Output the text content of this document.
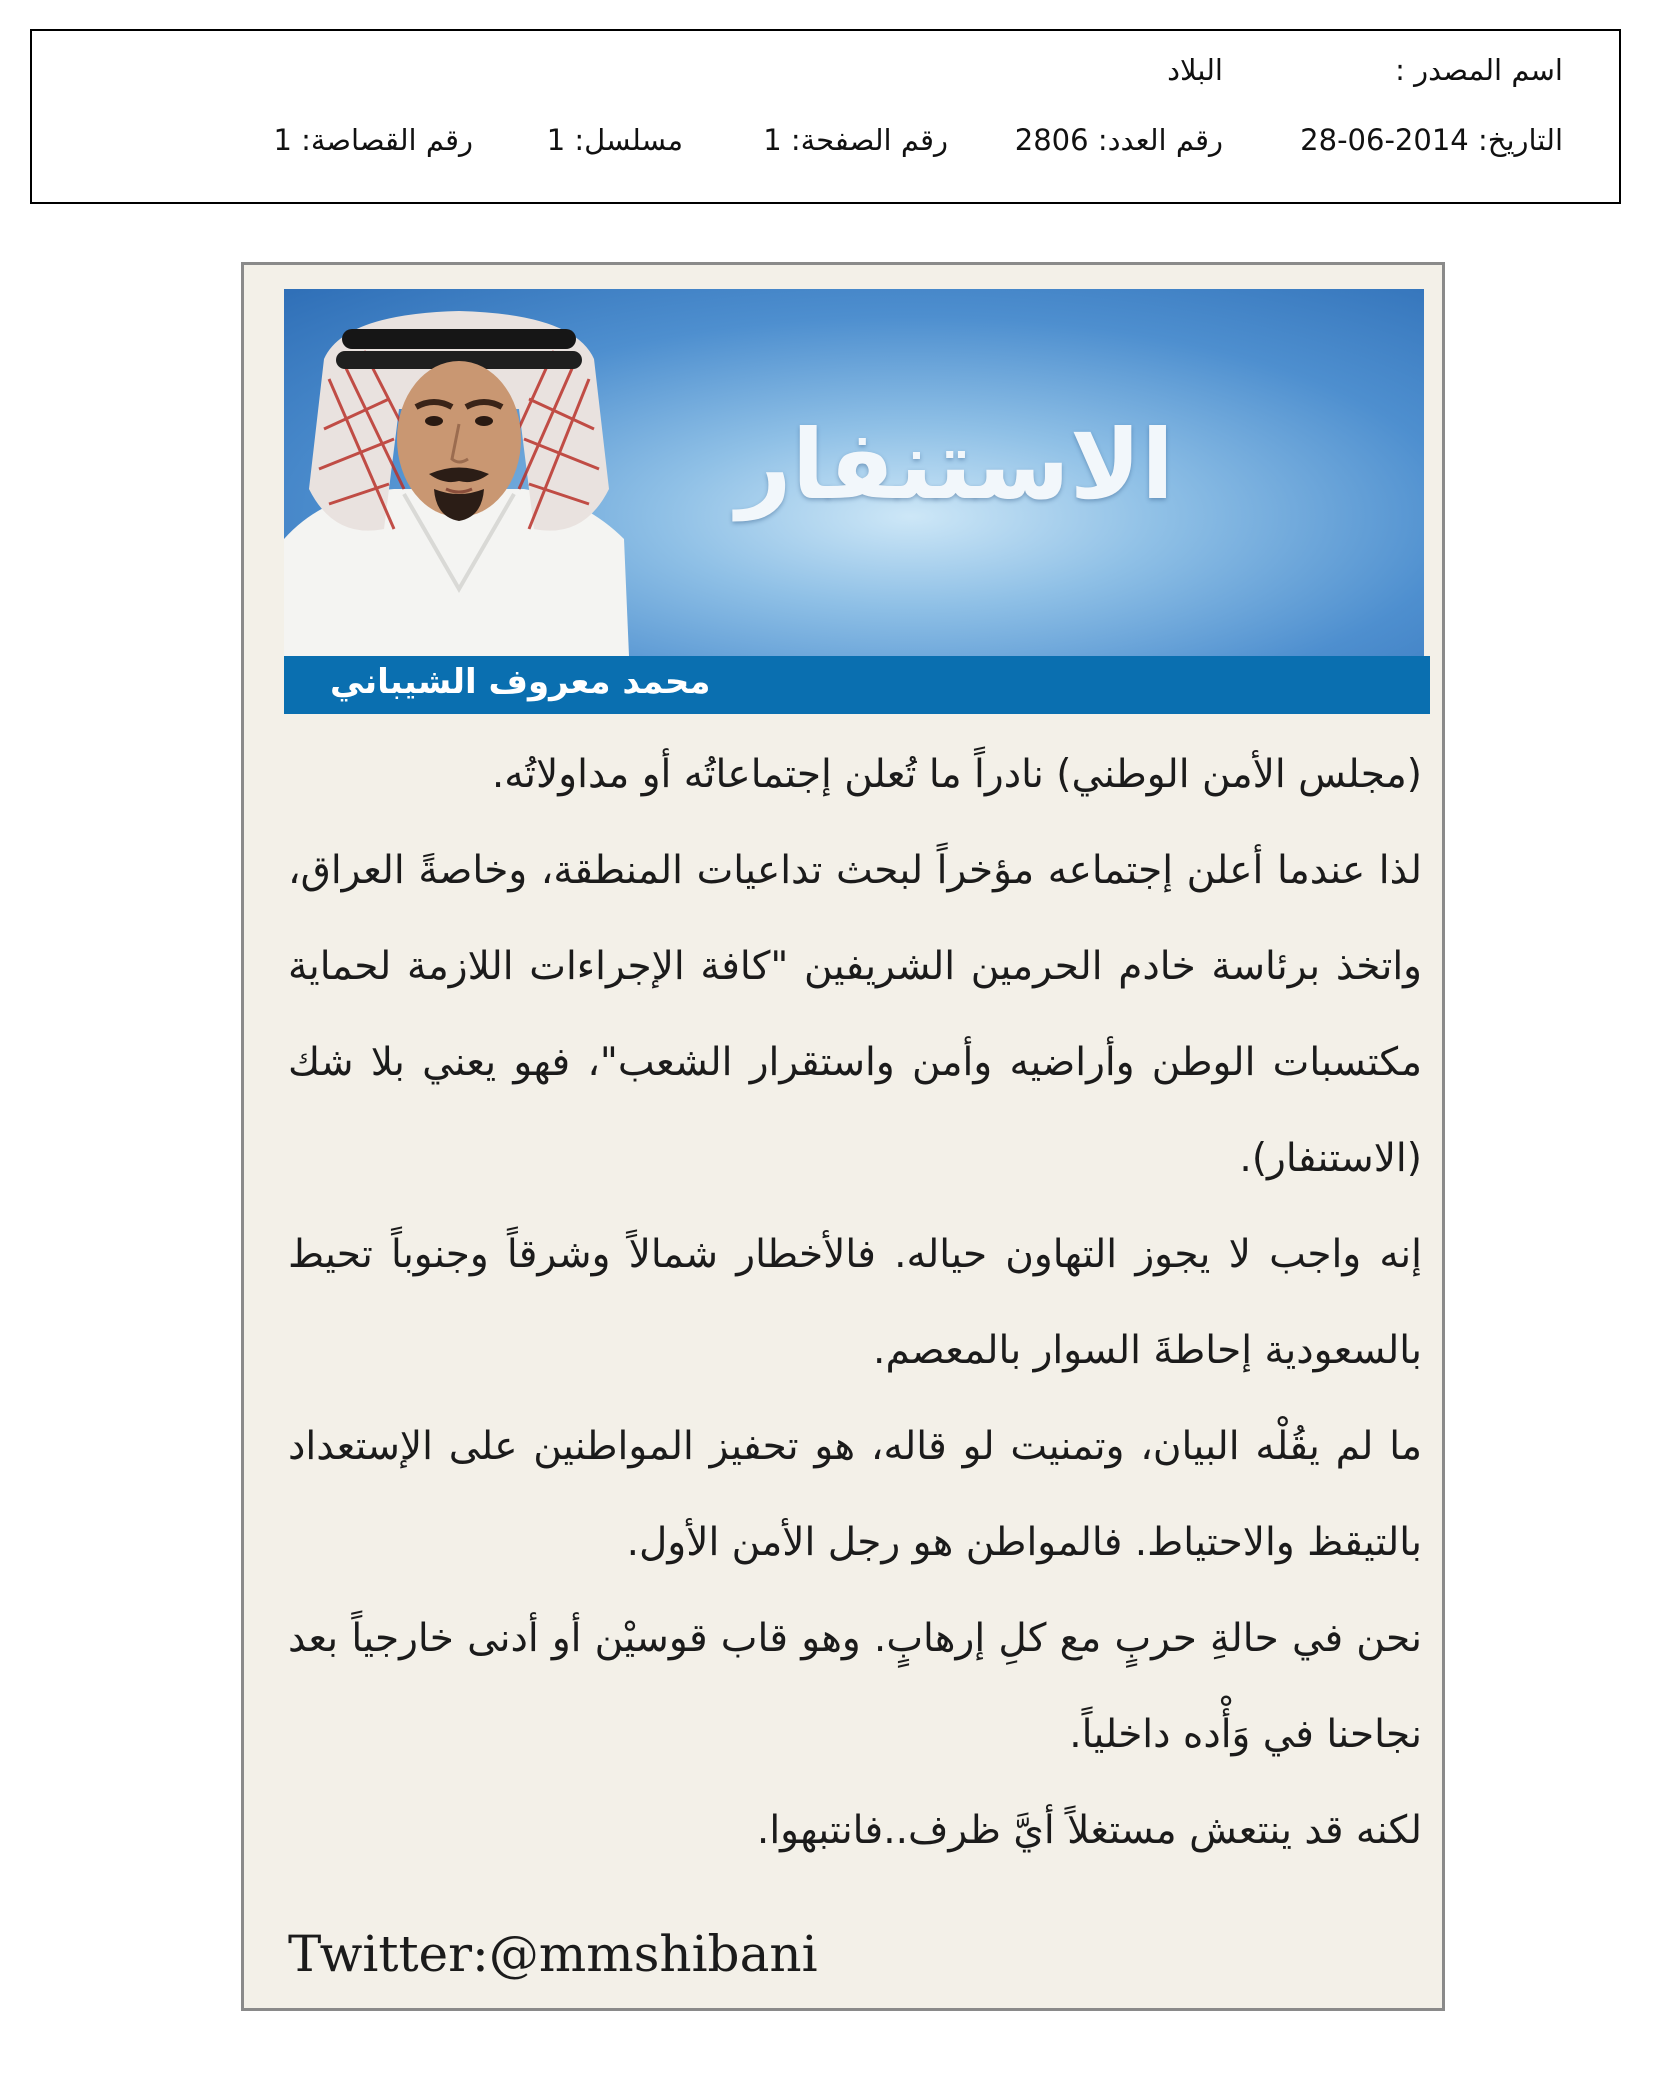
اسم المصدر :
البلاد
التاريخ: 2014-06-28
رقم العدد: 2806
رقم الصفحة: 1
مسلسل: 1
رقم القصاصة: 1
الاستنفار
محمد معروف الشيباني

(مجلس الأمن الوطني) نادراً ما تُعلن إجتماعاتُه أو مداولاتُه.

لذا عندما أعلن إجتماعه مؤخراً لبحث تداعيات المنطقة، وخاصةً العراق، واتخذ برئاسة خادم الحرمين الشريفين "كافة الإجراءات اللازمة لحماية مكتسبات الوطن وأراضيه وأمن واستقرار الشعب"، فهو يعني بلا شك (الاستنفار).

إنه واجب لا يجوز التهاون حياله. فالأخطار شمالاً وشرقاً وجنوباً تحيط بالسعودية إحاطةَ السوار بالمعصم.

ما لم يقُلْه البيان، وتمنيت لو قاله، هو تحفيز المواطنين على الإستعداد بالتيقظ والاحتياط. فالمواطن هو رجل الأمن الأول.

نحن في حالةِ حربٍ مع كلِ إرهابٍ. وهو قاب قوسيْن أو أدنى خارجياً بعد نجاحنا في وَأْده داخلياً.

لكنه قد ينتعش مستغلاً أيَّ ظرف..فانتبهوا.

Twitter:@mmshibani
